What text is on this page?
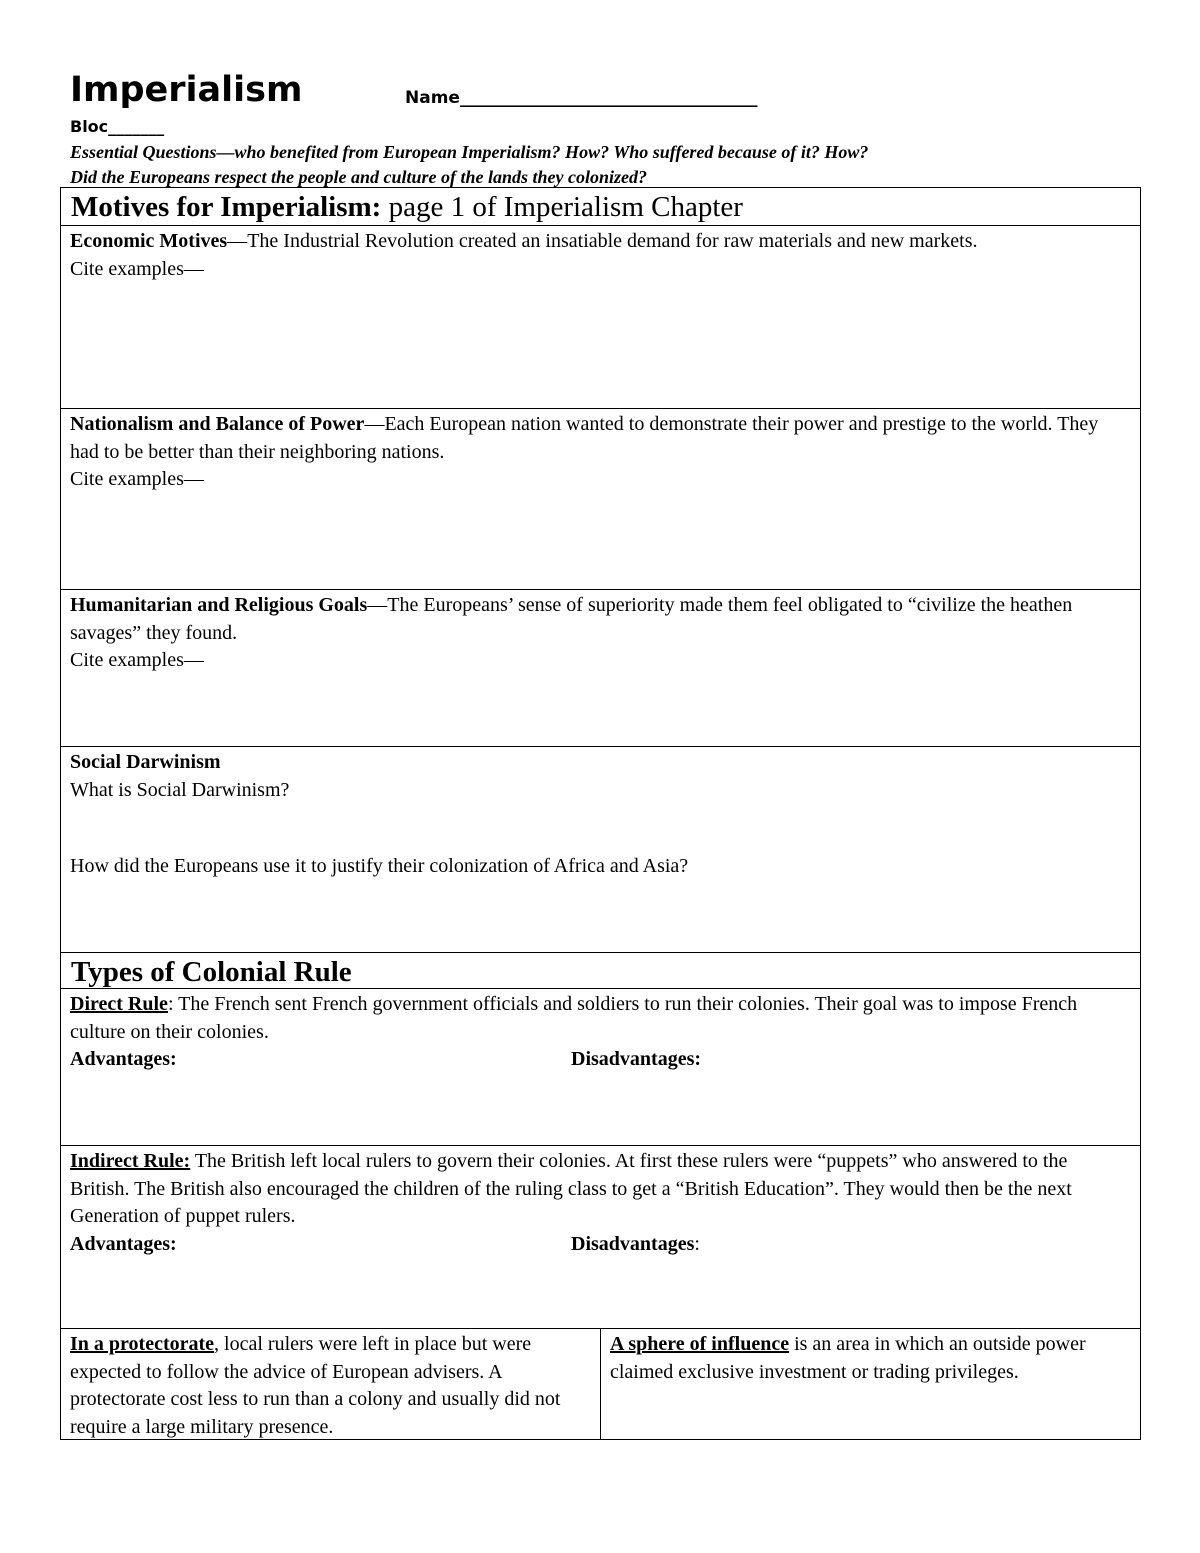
Imperialism	Name___________________________________
Bloc_______
Essential Questions—who benefited from European Imperialism? How? Who suffered because of it? How?
Did the Europeans respect the people and culture of the lands they colonized?
Motives for Imperialism: page 1 of Imperialism Chapter

Economic Motives—The Industrial Revolution created an insatiable demand for raw materials and new markets.

Cite examples—

Nationalism and Balance of Power—Each European nation wanted to demonstrate their power and prestige to the world. They had to be better than their neighboring nations.

Cite examples—

Humanitarian and Religious Goals—The Europeans’ sense of superiority made them feel obligated to “civilize the heathen savages” they found.

Cite examples—

Social Darwinism

What is Social Darwinism?

How did the Europeans use it to justify their colonization of Africa and Asia?

Types of Colonial Rule

Direct Rule: The French sent French government officials and soldiers to run their colonies. Their goal was to impose French culture on their colonies.

Advantages:	Disadvantages:

Indirect Rule: The British left local rulers to govern their colonies. At first these rulers were “puppets” who answered to the British. The British also encouraged the children of the ruling class to get a “British Education”. They would then be the next Generation of puppet rulers.

Advantages:	Disadvantages:

In a protectorate, local rulers were left in place but were expected to follow the advice of European advisers. A protectorate cost less to run than a colony and usually did not require a large military presence.

A sphere of influence is an area in which an outside power claimed exclusive investment or trading privileges.
